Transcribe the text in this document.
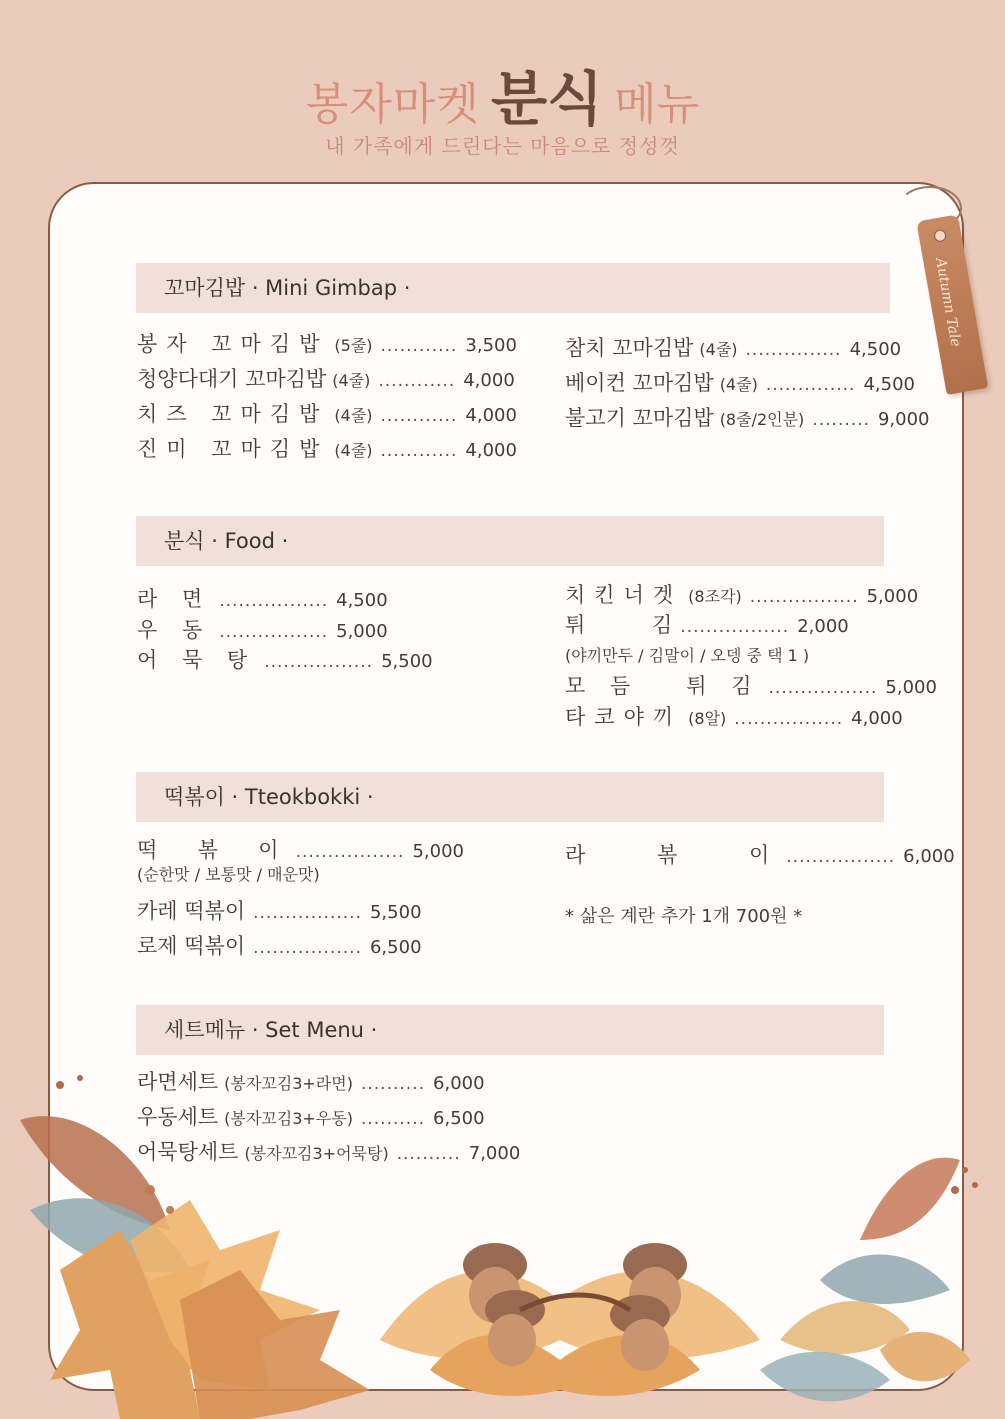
봉자마켓 분식 메뉴
내 가족에게 드린다는 마음으로 정성껏
Autumn Tale
꼬마김밥 · Mini Gimbap ·
봉자 꼬마김밥 (5줄) ............ 3,500
청양다대기 꼬마김밥 (4줄) ............ 4,000
치즈 꼬마김밥 (4줄) ............ 4,000
진미 꼬마김밥 (4줄) ............ 4,000
참치 꼬마김밥 (4줄) ............... 4,500
베이컨 꼬마김밥 (4줄) .............. 4,500
불고기 꼬마김밥 (8줄/2인분) ......... 9,000
분식 · Food ·
라 면 ................. 4,500
우 동 ................. 5,000
어 묵 탕 ................. 5,500
치킨너겟 (8조각) ................. 5,000
튀          김 ................. 2,000
(야끼만두 / 김말이 / 오뎅 중 택 1 )
모 듬   튀 김 ................. 5,000
타코야끼 (8알) ................. 4,000
떡볶이 · Tteokbokki ·
떡  볶  이 ................. 5,000
(순한맛 / 보통맛 / 매운맛)
카레 떡볶이 ................. 5,500
로제 떡볶이 ................. 6,500
라    볶    이 ................. 6,000
* 삶은 계란 추가 1개 700원 *
세트메뉴 · Set Menu ·
라면세트 (봉자꼬김3+라면) .......... 6,000
우동세트 (봉자꼬김3+우동) .......... 6,500
어묵탕세트 (봉자꼬김3+어묵탕) .......... 7,000
